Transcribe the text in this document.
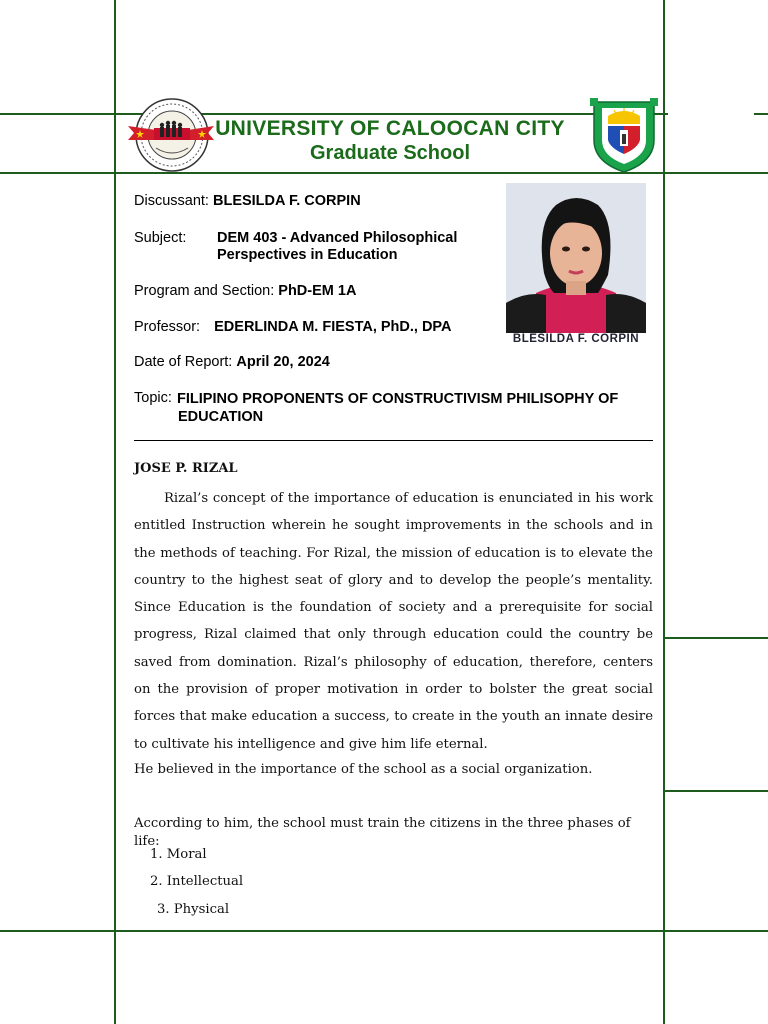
UNIVERSITY OF CALOOCAN CITY
Graduate School
Discussant: BLESILDA F. CORPIN
Subject: DEM 403 - Advanced Philosophical Perspectives in Education
Program and Section: PhD-EM 1A
Professor: EDERLINDA M. FIESTA, PhD., DPA
Date of Report: April 20, 2024
Topic: FILIPINO PROPONENTS OF CONSTRUCTIVISM PHILISOPHY OF EDUCATION
BLESILDA F. CORPIN
JOSE P. RIZAL
Rizal’s concept of the importance of education is enunciated in his work entitled Instruction wherein he sought improvements in the schools and in the methods of teaching. For Rizal, the mission of education is to elevate the country to the highest seat of glory and to develop the people’s mentality. Since Education is the foundation of society and a prerequisite for social progress, Rizal claimed that only through education could the country be saved from domination. Rizal’s philosophy of education, therefore, centers on the provision of proper motivation in order to bolster the great social forces that make education a success, to create in the youth an innate desire to cultivate his intelligence and give him life eternal.
He believed in the importance of the school as a social organization.
According to him, the school must train the citizens in the three phases of life:
1. Moral
2. Intellectual
3. Physical
